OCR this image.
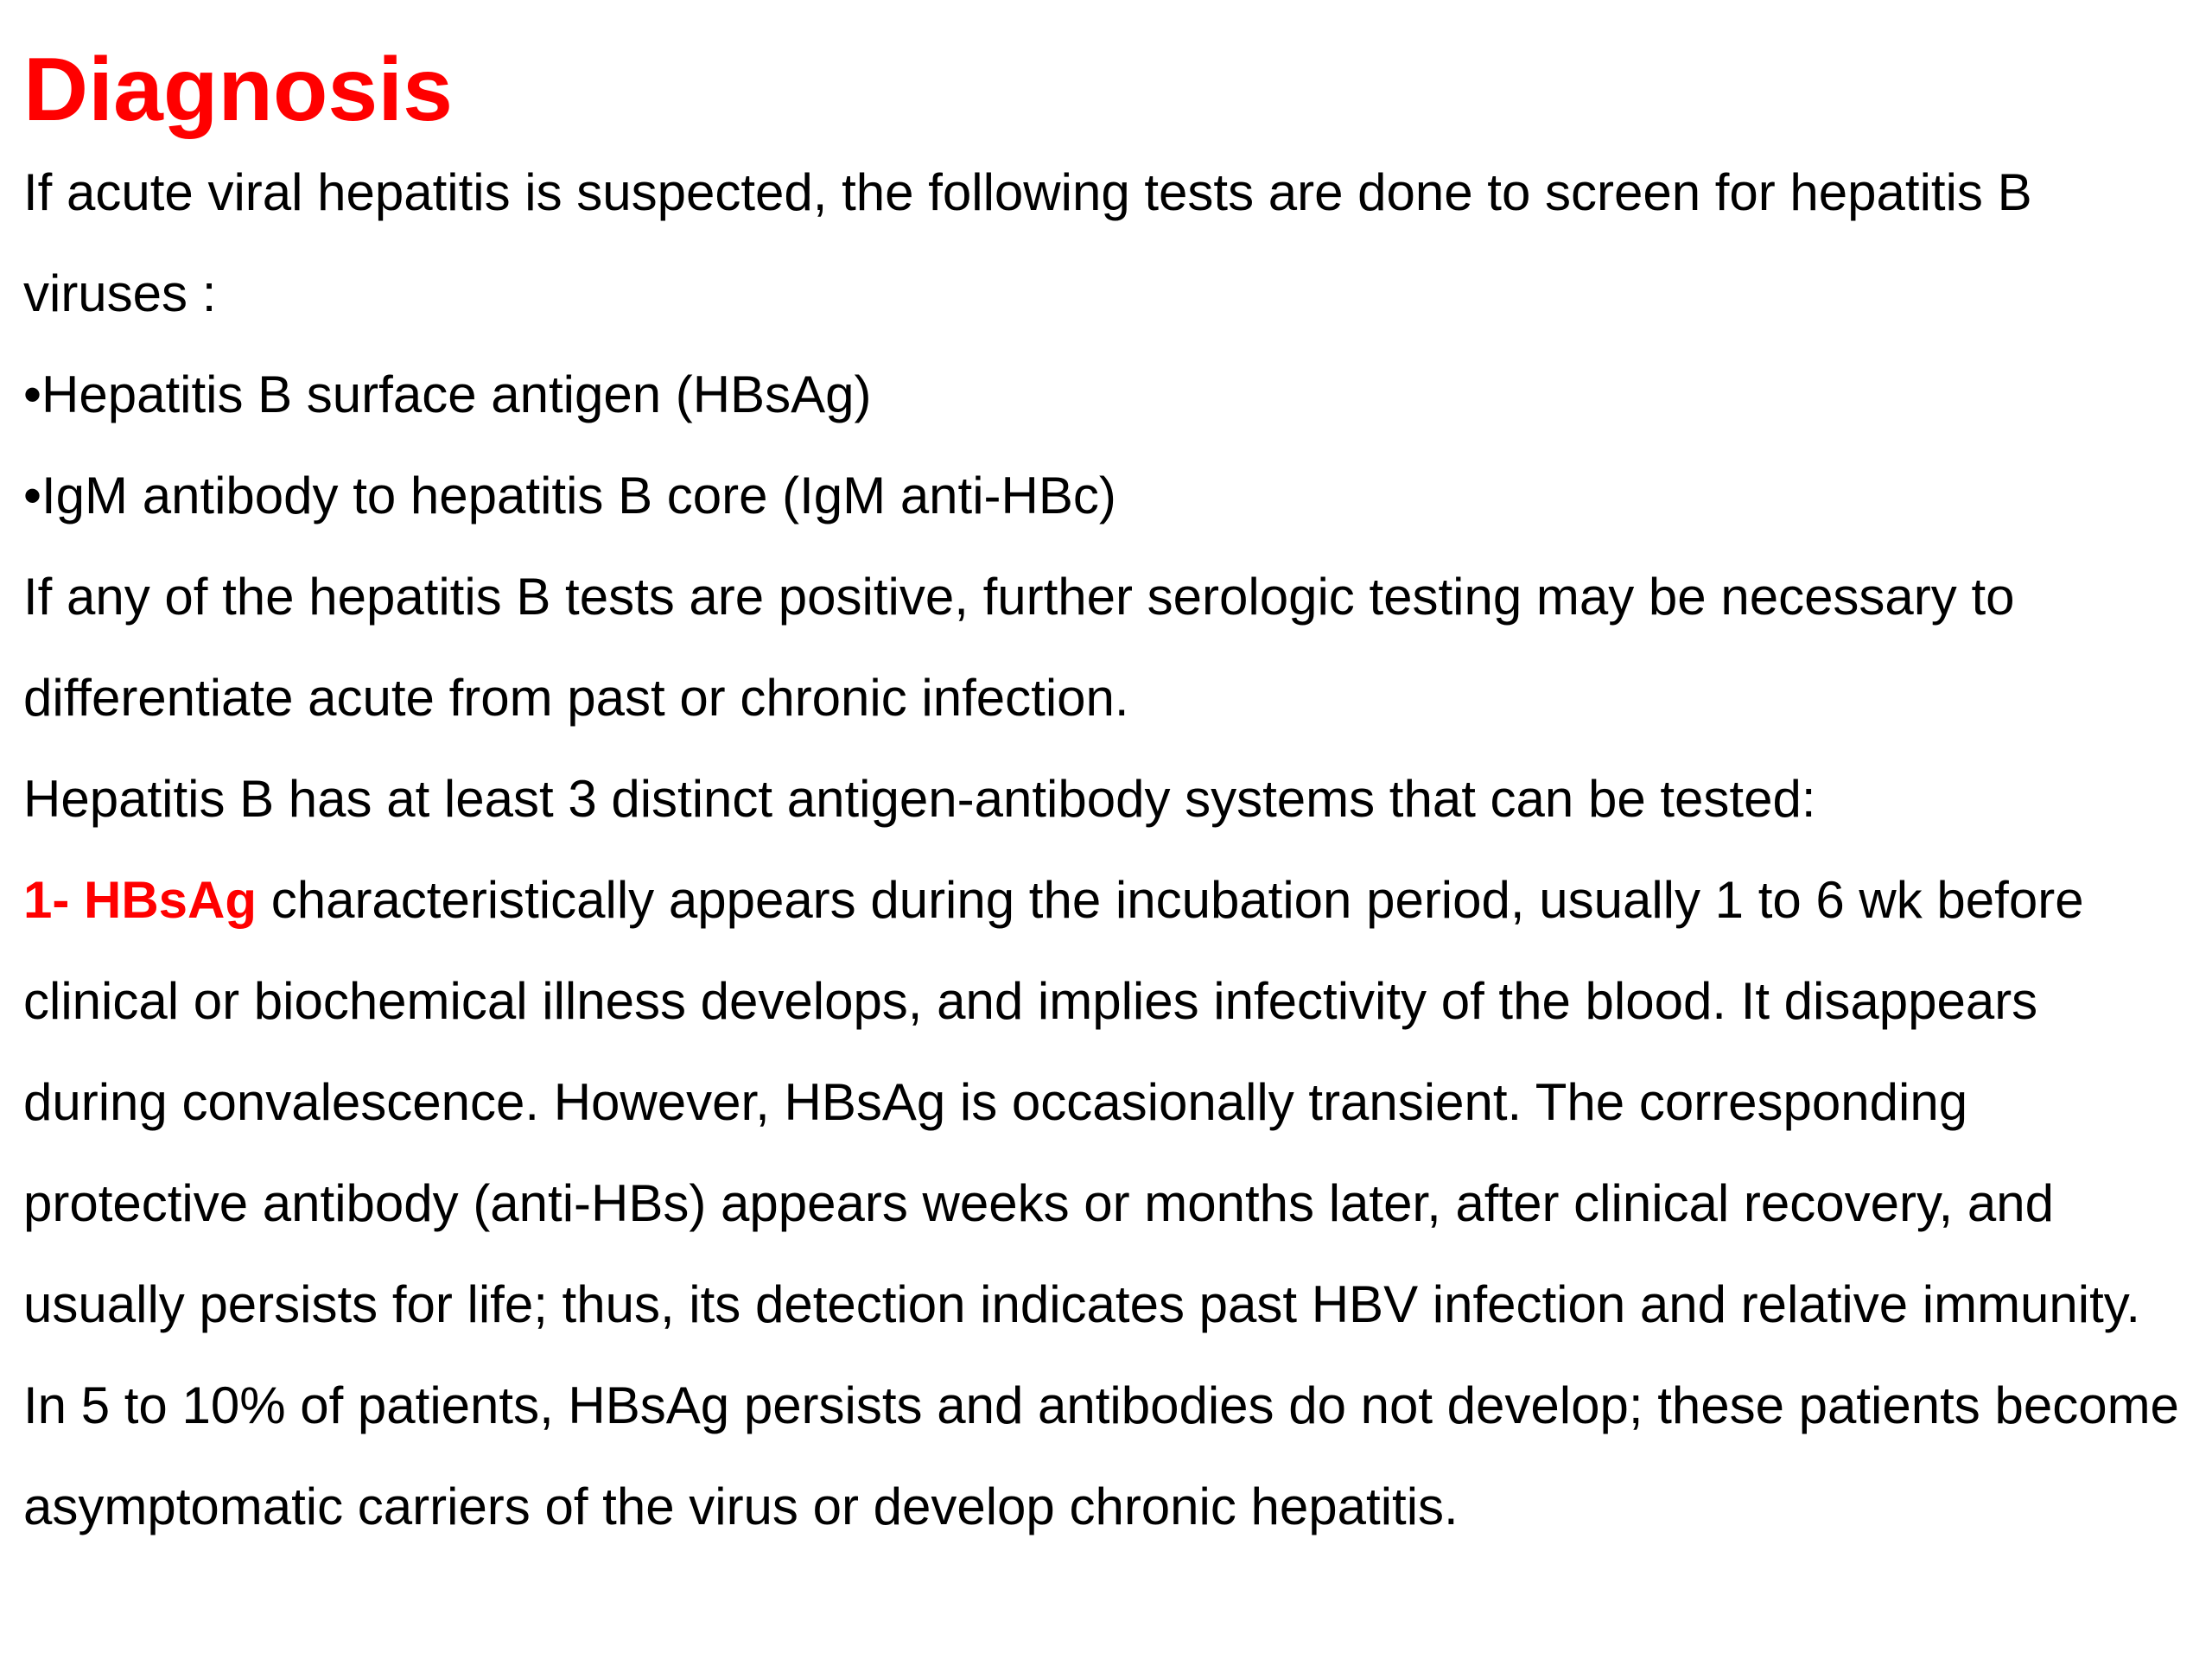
Diagnosis

If acute viral hepatitis is suspected, the following tests are done to screen for hepatitis B viruses :

•Hepatitis B surface antigen (HBsAg)

•IgM antibody to hepatitis B core (IgM anti-HBc)

If any of the hepatitis B tests are positive, further serologic testing may be necessary to differentiate acute from past or chronic infection.

Hepatitis B has at least 3 distinct antigen-antibody systems that can be tested:

1- HBsAg characteristically appears during the incubation period, usually 1 to 6 wk before clinical or biochemical illness develops, and implies infectivity of the blood. It disappears during convalescence. However, HBsAg is occasionally transient. The corresponding protective antibody (anti-HBs) appears weeks or months later, after clinical recovery, and usually persists for life; thus, its detection indicates past HBV infection and relative immunity. In 5 to 10% of patients, HBsAg persists and antibodies do not develop; these patients become asymptomatic carriers of the virus or develop chronic hepatitis.
